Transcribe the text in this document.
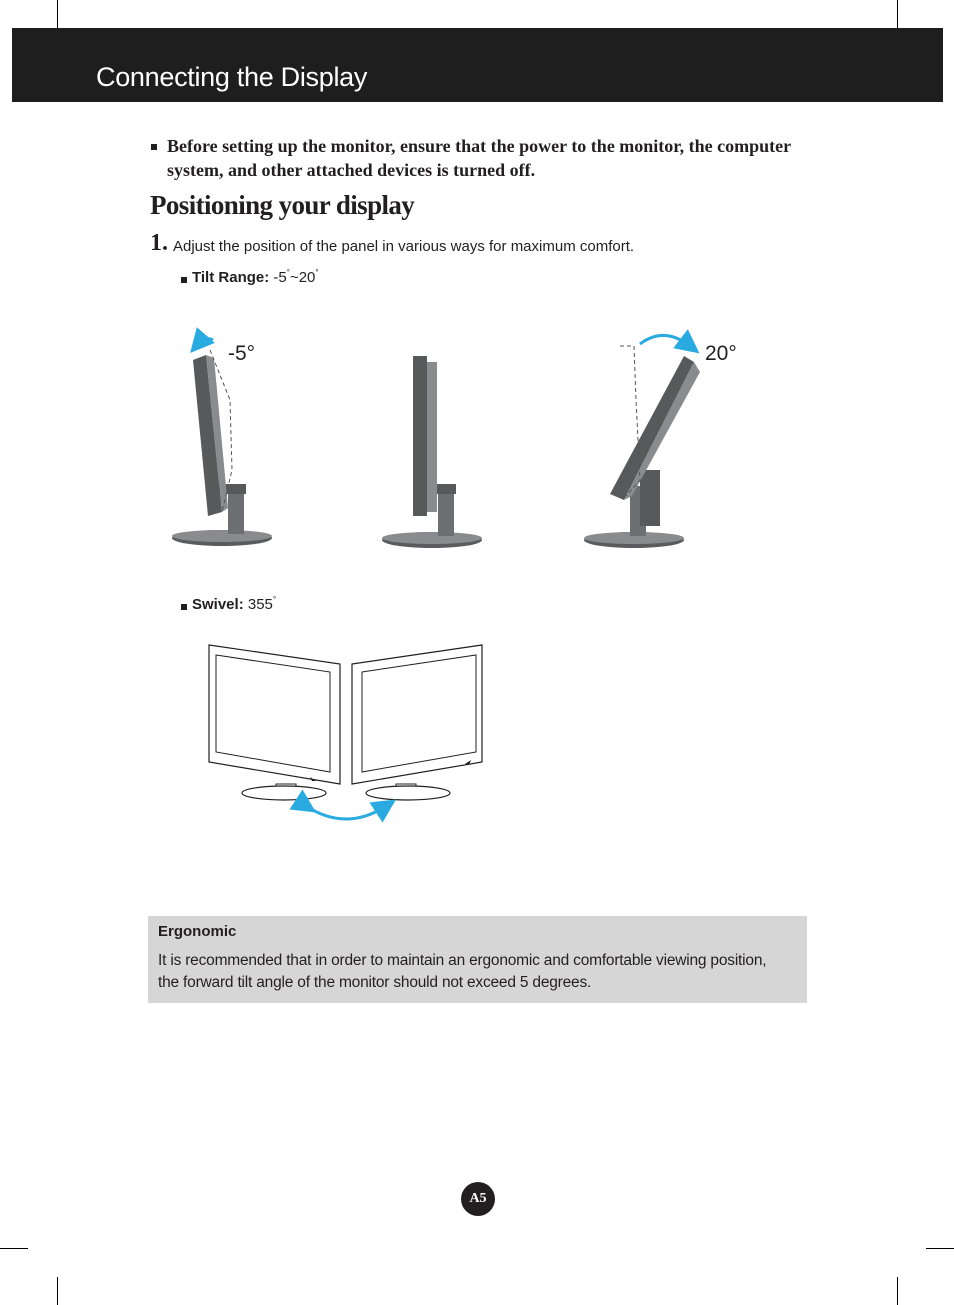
Connecting the Display
Before setting up the monitor, ensure that the power to the monitor, the computer system, and other attached devices is turned off.
Positioning your display
1. Adjust the position of the panel in various ways for maximum comfort.
Tilt Range: -5°~20°
-5°	20°
Swivel: 355°
Ergonomic
It is recommended that in order to maintain an ergonomic and comfortable viewing position, the forward tilt angle of the monitor should not exceed 5 degrees.
A5
